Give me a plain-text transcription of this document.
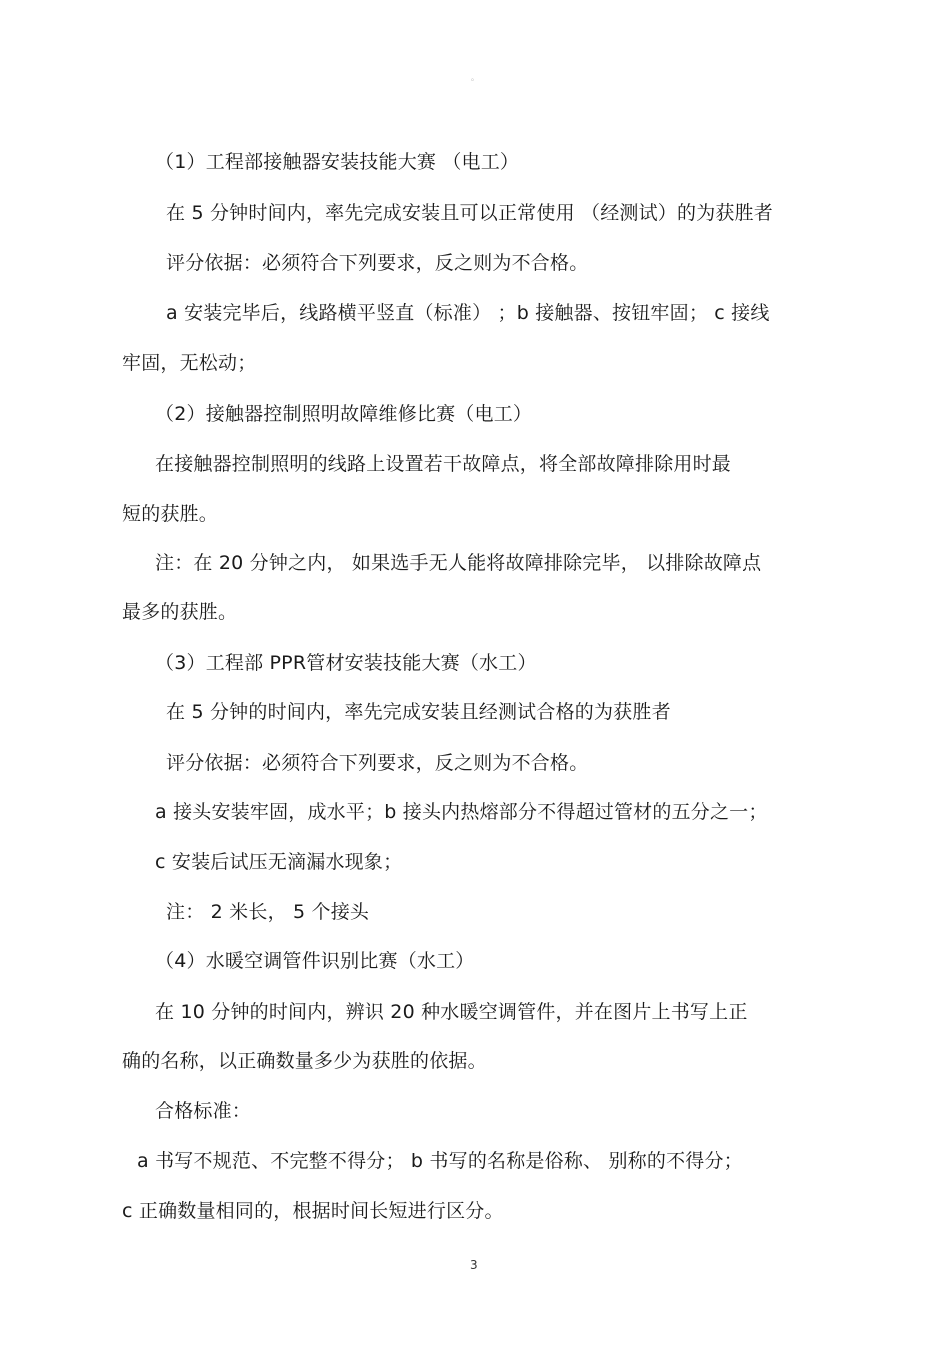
。
（1）工程部接触器安装技能大赛 （电工）
在 5 分钟时间内，率先完成安装且可以正常使用 （经测试）的为获胜者
评分依据：必须符合下列要求，反之则为不合格。
a 安装完毕后，线路横平竖直（标准） ；b 接触器、按钮牢固； c 接线
牢固，无松动；
（2）接触器控制照明故障维修比赛（电工）
在接触器控制照明的线路上设置若干故障点，将全部故障排除用时最
短的获胜。
注：在 20 分钟之内， 如果选手无人能将故障排除完毕， 以排除故障点
最多的获胜。
（3）工程部 PPR管材安装技能大赛（水工）
在 5 分钟的时间内，率先完成安装且经测试合格的为获胜者
评分依据：必须符合下列要求，反之则为不合格。
a 接头安装牢固，成水平；b 接头内热熔部分不得超过管材的五分之一；
c 安装后试压无滴漏水现象；
注： 2 米长， 5 个接头
（4）水暖空调管件识别比赛（水工）
在 10 分钟的时间内，辨识 20 种水暖空调管件，并在图片上书写上正
确的名称，以正确数量多少为获胜的依据。
合格标准：
a 书写不规范、不完整不得分； b 书写的名称是俗称、 别称的不得分；
c 正确数量相同的，根据时间长短进行区分。
3
